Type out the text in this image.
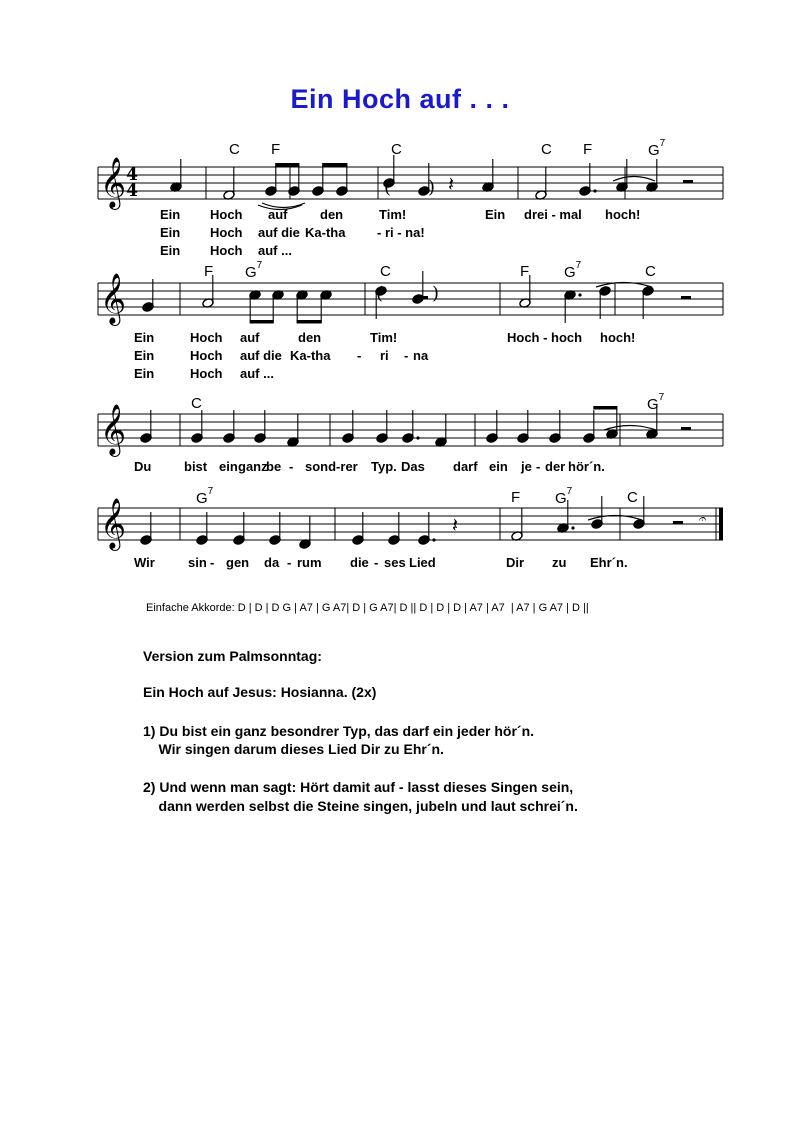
Ein Hoch auf . . .
𝄞
𝄞
𝄞
𝄞
4
4	𝄽
𝄽
( )
(	)
𝄐
C F	C	C F	$G^7$
F $G^7$	C	F $G^7$	C
C	$G^7$
$G^7$	F $G^7$	C
Ein Hoch auf	den	Tim!	Ein drei - mal hoch!
Ein Hoch auf die Ka-tha - ri - na!
Ein Hoch auf ...
Ein	Hoch auf	den	Tim!	Hoch - hoch hoch!
Ein	Hoch auf die Ka-tha - ri - na
Ein	Hoch auf ...
Du	bist ein ganz
be - sond-rer Typ. Das darf ein je - der hör´n.
Wir	sin - gen da - rum die - ses Lied	Dir zu Ehr´n.
Einfache Akkorde: D | D | D G | A7 | G A7| D | G A7| D || D | D | D | A7 | A7  | A7 | G A7 | D ||
Version zum Palmsonntag:
Ein Hoch auf Jesus: Hosianna. (2x)
1) Du bist ein ganz besondrer Typ, das darf ein jeder hör´n.
Wir singen darum dieses Lied Dir zu Ehr´n.
2) Und wenn man sagt: Hört damit auf - lasst dieses Singen sein,
dann werden selbst die Steine singen, jubeln und laut schrei´n.
